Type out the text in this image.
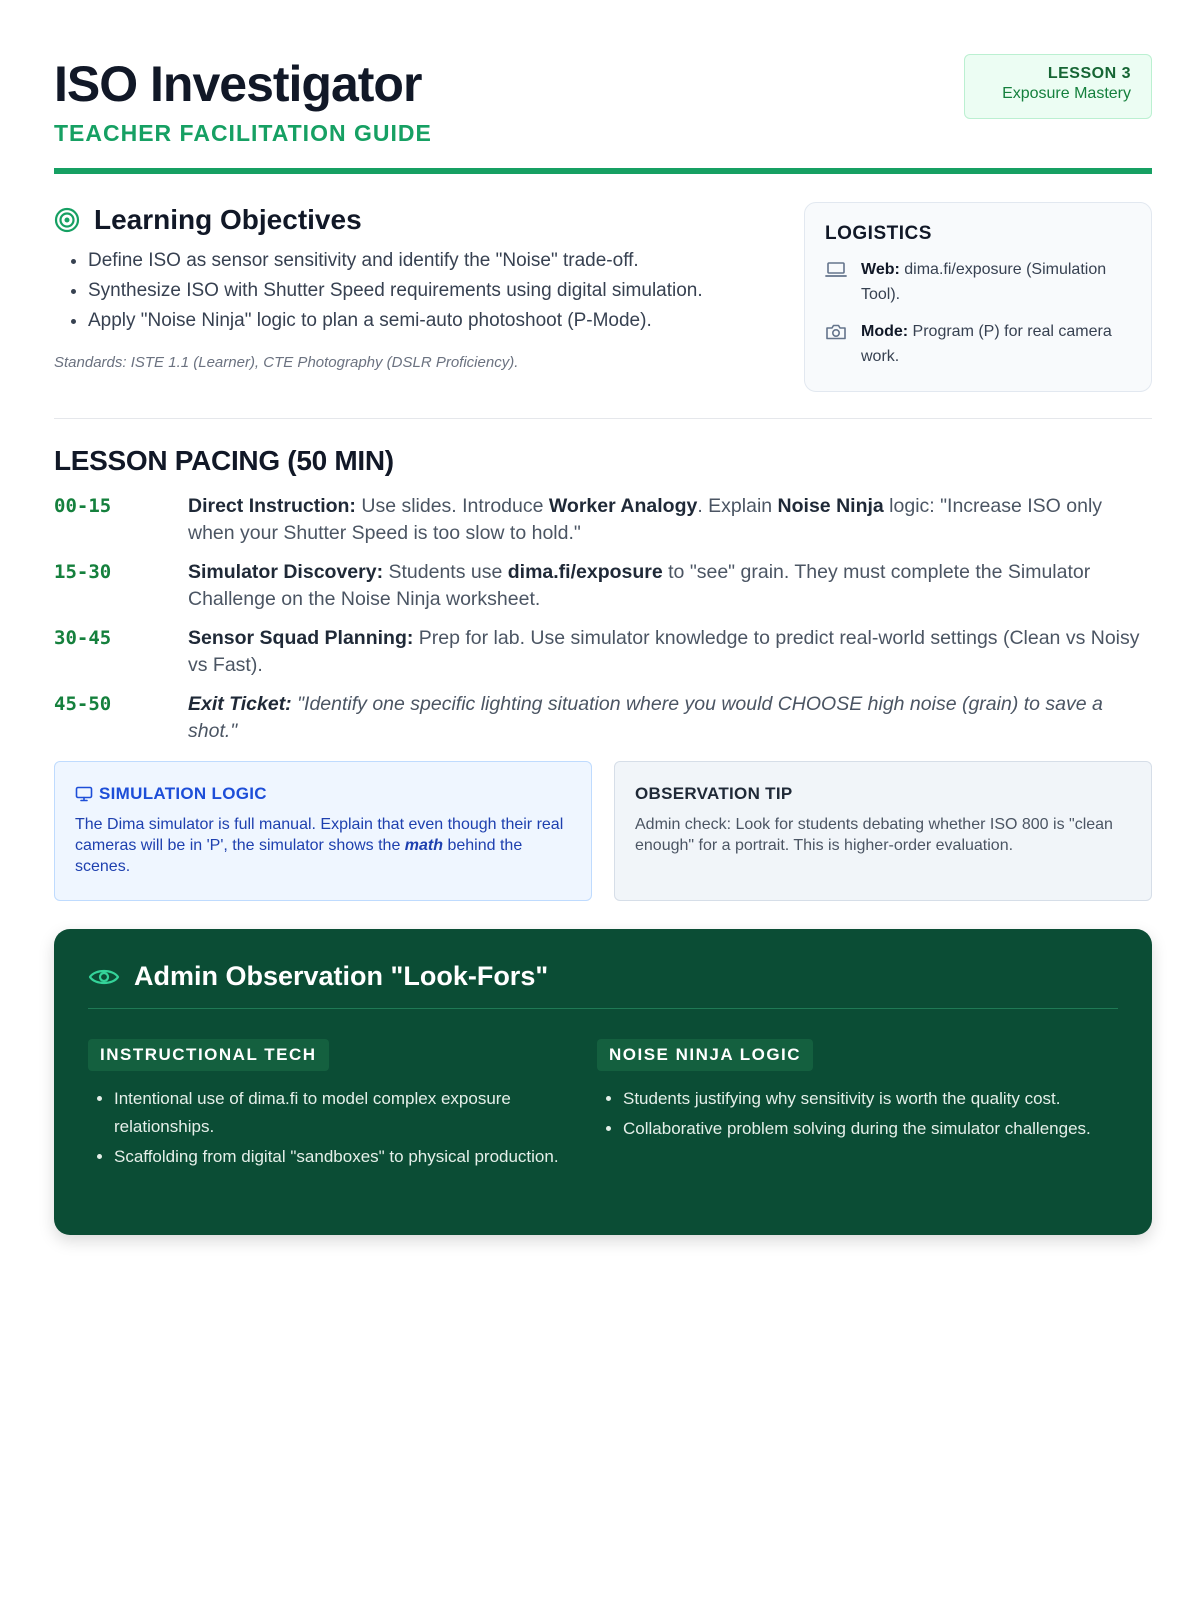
ISO Investigator
TEACHER FACILITATION GUIDE
LESSON 3
Exposure Mastery
Learning Objectives
• Define ISO as sensor sensitivity and identify the "Noise" trade-off.
• Synthesize ISO with Shutter Speed requirements using digital simulation.
• Apply "Noise Ninja" logic to plan a semi-auto photoshoot (P-Mode).
Standards: ISTE 1.1 (Learner), CTE Photography (DSLR Proficiency).
LOGISTICS
Web: dima.fi/exposure (Simulation Tool).
Mode: Program (P) for real camera work.
LESSON PACING (50 MIN)
00-15	Direct Instruction: Use slides. Introduce Worker Analogy. Explain Noise Ninja logic: "Increase ISO only when your Shutter Speed is too slow to hold."
15-30	Simulator Discovery: Students use dima.fi/exposure to "see" grain. They must complete the Simulator Challenge on the Noise Ninja worksheet.
30-45	Sensor Squad Planning: Prep for lab. Use simulator knowledge to predict real-world settings (Clean vs Noisy vs Fast).
45-50	Exit Ticket: "Identify one specific lighting situation where you would CHOOSE high noise (grain) to save a shot."
SIMULATION LOGIC

The Dima simulator is full manual. Explain that even though their real cameras will be in 'P', the simulator shows the math behind the scenes.

OBSERVATION TIP

Admin check: Look for students debating whether ISO 800 is "clean enough" for a portrait. This is higher-order evaluation.

Admin Observation "Look-Fors"
INSTRUCTIONAL TECH
• Intentional use of dima.fi to model complex exposure relationships.
• Scaffolding from digital "sandboxes" to physical production.
NOISE NINJA LOGIC
• Students justifying why sensitivity is worth the quality cost.
• Collaborative problem solving during the simulator challenges.
